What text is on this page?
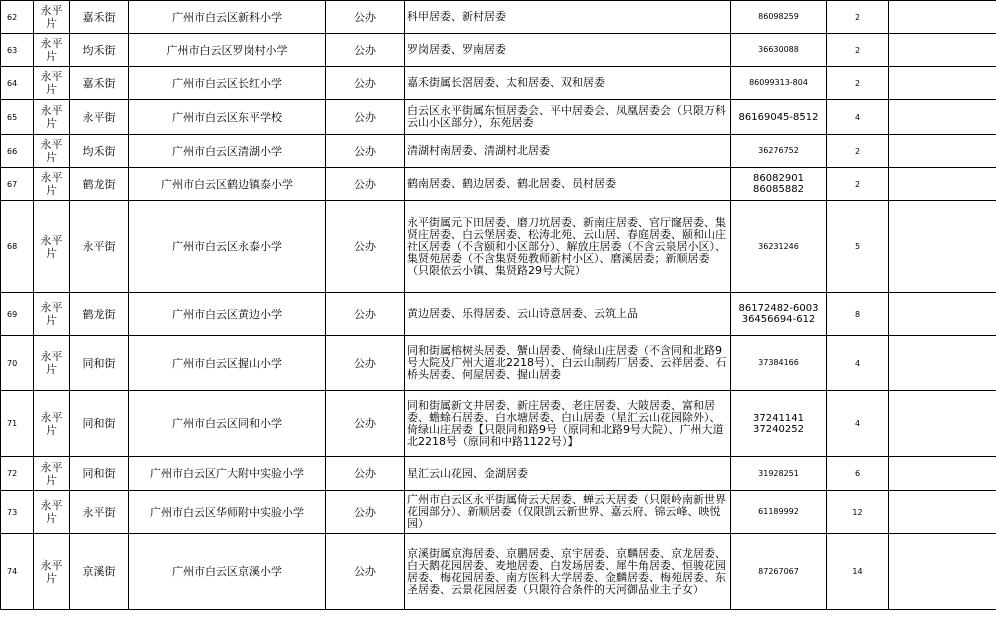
62	永平片	嘉禾街	广州市白云区新科小学	公办	科甲居委、新村居委	86098259	2	
63	永平片	均禾街	广州市白云区罗岗村小学	公办	罗岗居委、罗南居委	36630088	2	
64	永平片	嘉禾街	广州市白云区长红小学	公办	嘉禾街属长滘居委、太和居委、双和居委	86099313-804	2	
65	永平片	永平街	广州市白云区东平学校	公办	白云区永平街属东恒居委会、平中居委会、凤凰居委会（只限万科云山小区部分），东苑居委	86169045-8512	4	
66	永平片	均禾街	广州市白云区清湖小学	公办	清湖村南居委、清湖村北居委	36276752	2	
67	永平片	鹤龙街	广州市白云区鹤边镇泰小学	公办	鹤南居委、鹤边居委、鹤北居委、员村居委	86082901 86085882	2	
68	永平片	永平街	广州市白云区永泰小学	公办	永平街属元下田居委、磨刀坑居委、新南庄居委、官厅窿居委、集贤庄居委、白云堡居委、松涛北苑、云山居、春庭居委、颐和山庄社区居委（不含颐和小区部分）、解放庄居委（不含云泉居小区）、集贤苑居委（不含集贤苑教师新村小区）、磨溪居委；新顺居委（只限依云小镇、集贤路29号大院）	36231246	5	
69	永平片	鹤龙街	广州市白云区黄边小学	公办	黄边居委、乐得居委、云山诗意居委、云筑上品	86172482-6003 36456694-612	8	
70	永平片	同和街	广州市白云区握山小学	公办	同和街属榕树头居委、蟹山居委、倚绿山庄居委（不含同和北路9号大院及广州大道北2218号）、白云山制药厂居委、云祥居委、石桥头居委、何屋居委、握山居委	37384166	4	
71	永平片	同和街	广州市白云区同和小学	公办	同和街属新文井居委、新庄居委、老庄居委、大陂居委、富和居委、蟾蜍石居委、白水塘居委、白山居委（星汇云山花园除外）、倚绿山庄居委【只限同和路9号（原同和北路9号大院）、广州大道北2218号（原同和中路1122号）】	37241141 37240252	4	
72	永平片	同和街	广州市白云区广大附中实验小学	公办	星汇云山花园、金湖居委	31928251	6	
73	永平片	永平街	广州市白云区华师附中实验小学	公办	广州市白云区永平街属倚云天居委、蝉云天居委（只限岭南新世界花园部分）、新顺居委（仅限凯云新世界、嘉云府、锦云峰、映悦园）	61189992	12	
74	永平片	京溪街	广州市白云区京溪小学	公办	京溪街属京海居委、京鹏居委、京宇居委、京麟居委、京龙居委、白天鹅花园居委、麦地居委、白发场居委、犀牛角居委、恒骏花园居委、梅花园居委、南方医科大学居委、金麟居委、梅苑居委、东圣居委、云景花园居委（只限符合条件的天河御品业主子女）	87267067	14	
